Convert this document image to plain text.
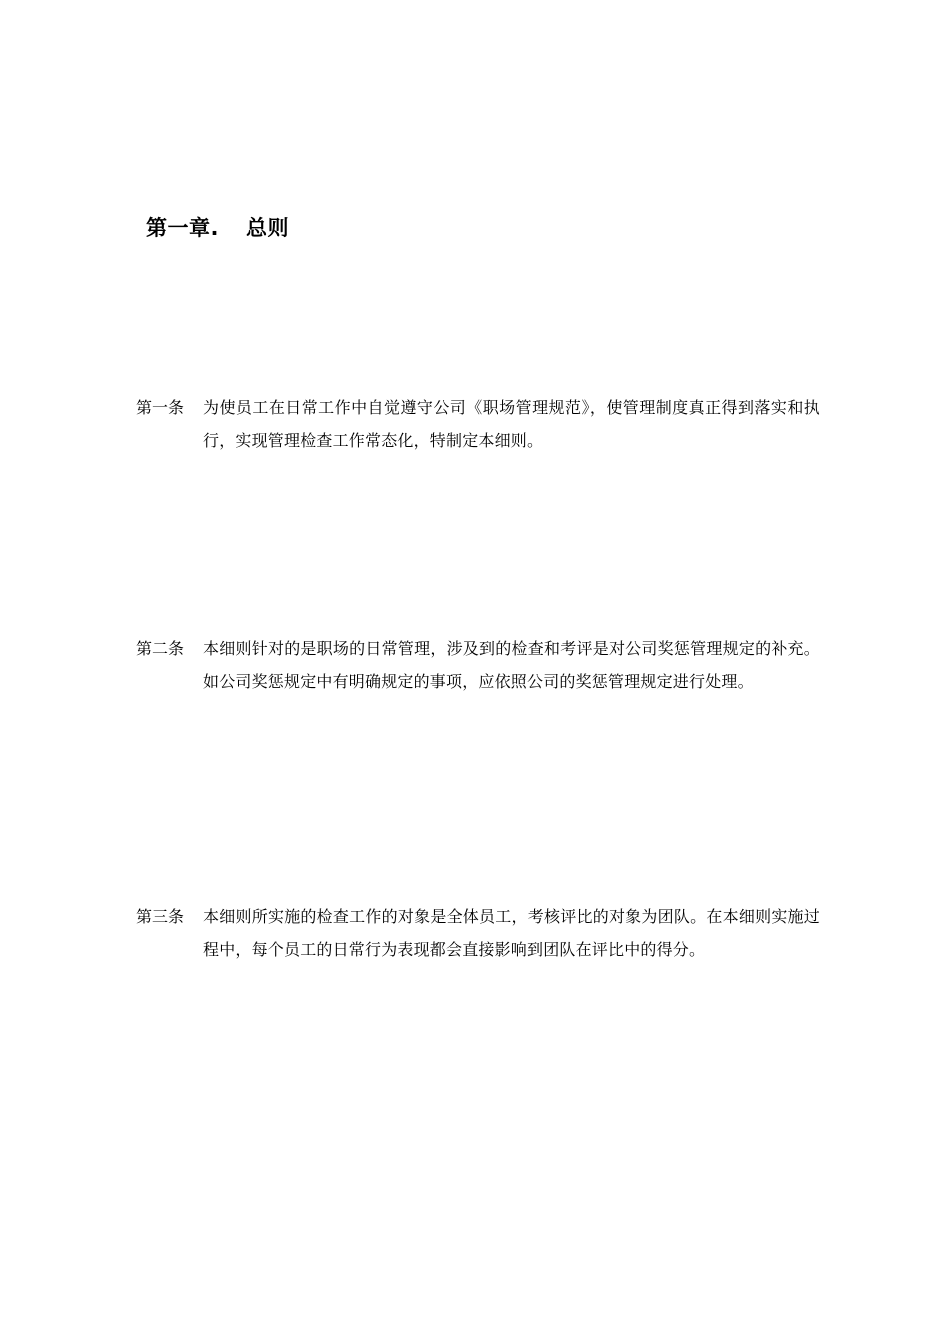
第一章. 总则
第一条	为使员工在日常工作中自觉遵守公司《职场管理规范》，使管理制度真正得到落实和执行，实现管理检查工作常态化，特制定本细则。
第二条	本细则针对的是职场的日常管理，涉及到的检查和考评是对公司奖惩管理规定的补充。如公司奖惩规定中有明确规定的事项，应依照公司的奖惩管理规定进行处理。
第三条	本细则所实施的检查工作的对象是全体员工，考核评比的对象为团队。在本细则实施过程中，每个员工的日常行为表现都会直接影响到团队在评比中的得分。
